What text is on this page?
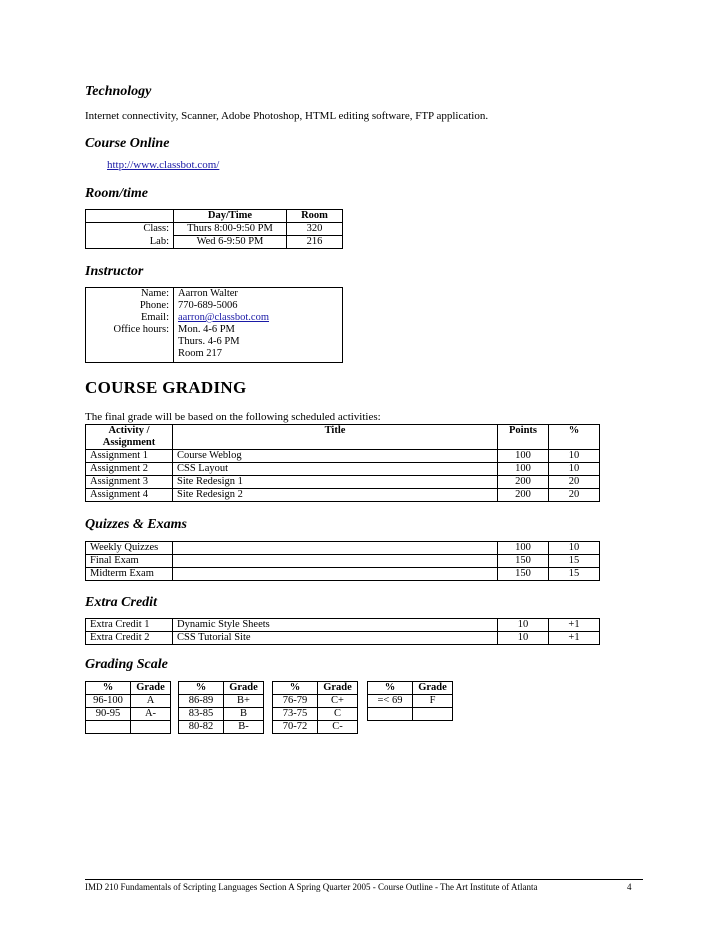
Technology
Internet connectivity, Scanner, Adobe Photoshop, HTML editing software, FTP application.
Course Online
http://www.classbot.com/
Room/time
	Day/Time	Room
Class:	Thurs 8:00-9:50 PM	320
Lab:	Wed 6-9:50 PM	216
Instructor
Name:	Aarron Walter
Phone:	770-689-5006
Email:	aarron@classbot.com
Office hours:	Mon. 4-6 PM
Thurs. 4-6 PM
Room 217
COURSE GRADING
The final grade will be based on the following scheduled activities:
Activity / Assignment	Title	Points	%
Assignment 1	Course Weblog	100	10
Assignment 2	CSS Layout	100	10
Assignment 3	Site Redesign 1	200	20
Assignment 4	Site Redesign 2	200	20
Quizzes & Exams
Weekly Quizzes		100	10
Final Exam		150	15
Midterm Exam		150	15
Extra Credit
Extra Credit 1	Dynamic Style Sheets	10	+1
Extra Credit 2	CSS Tutorial Site	10	+1
Grading Scale
%	Grade
96-100	A
90-95	A-

%	Grade
86-89	B+
83-85	B
80-82	B-
%	Grade
76-79	C+
73-75	C
70-72	C-
%	Grade
=< 69	F

IMD 210 Fundamentals of Scripting Languages Section A Spring Quarter 2005 - Course Outline - The Art Institute of Atlanta	4
